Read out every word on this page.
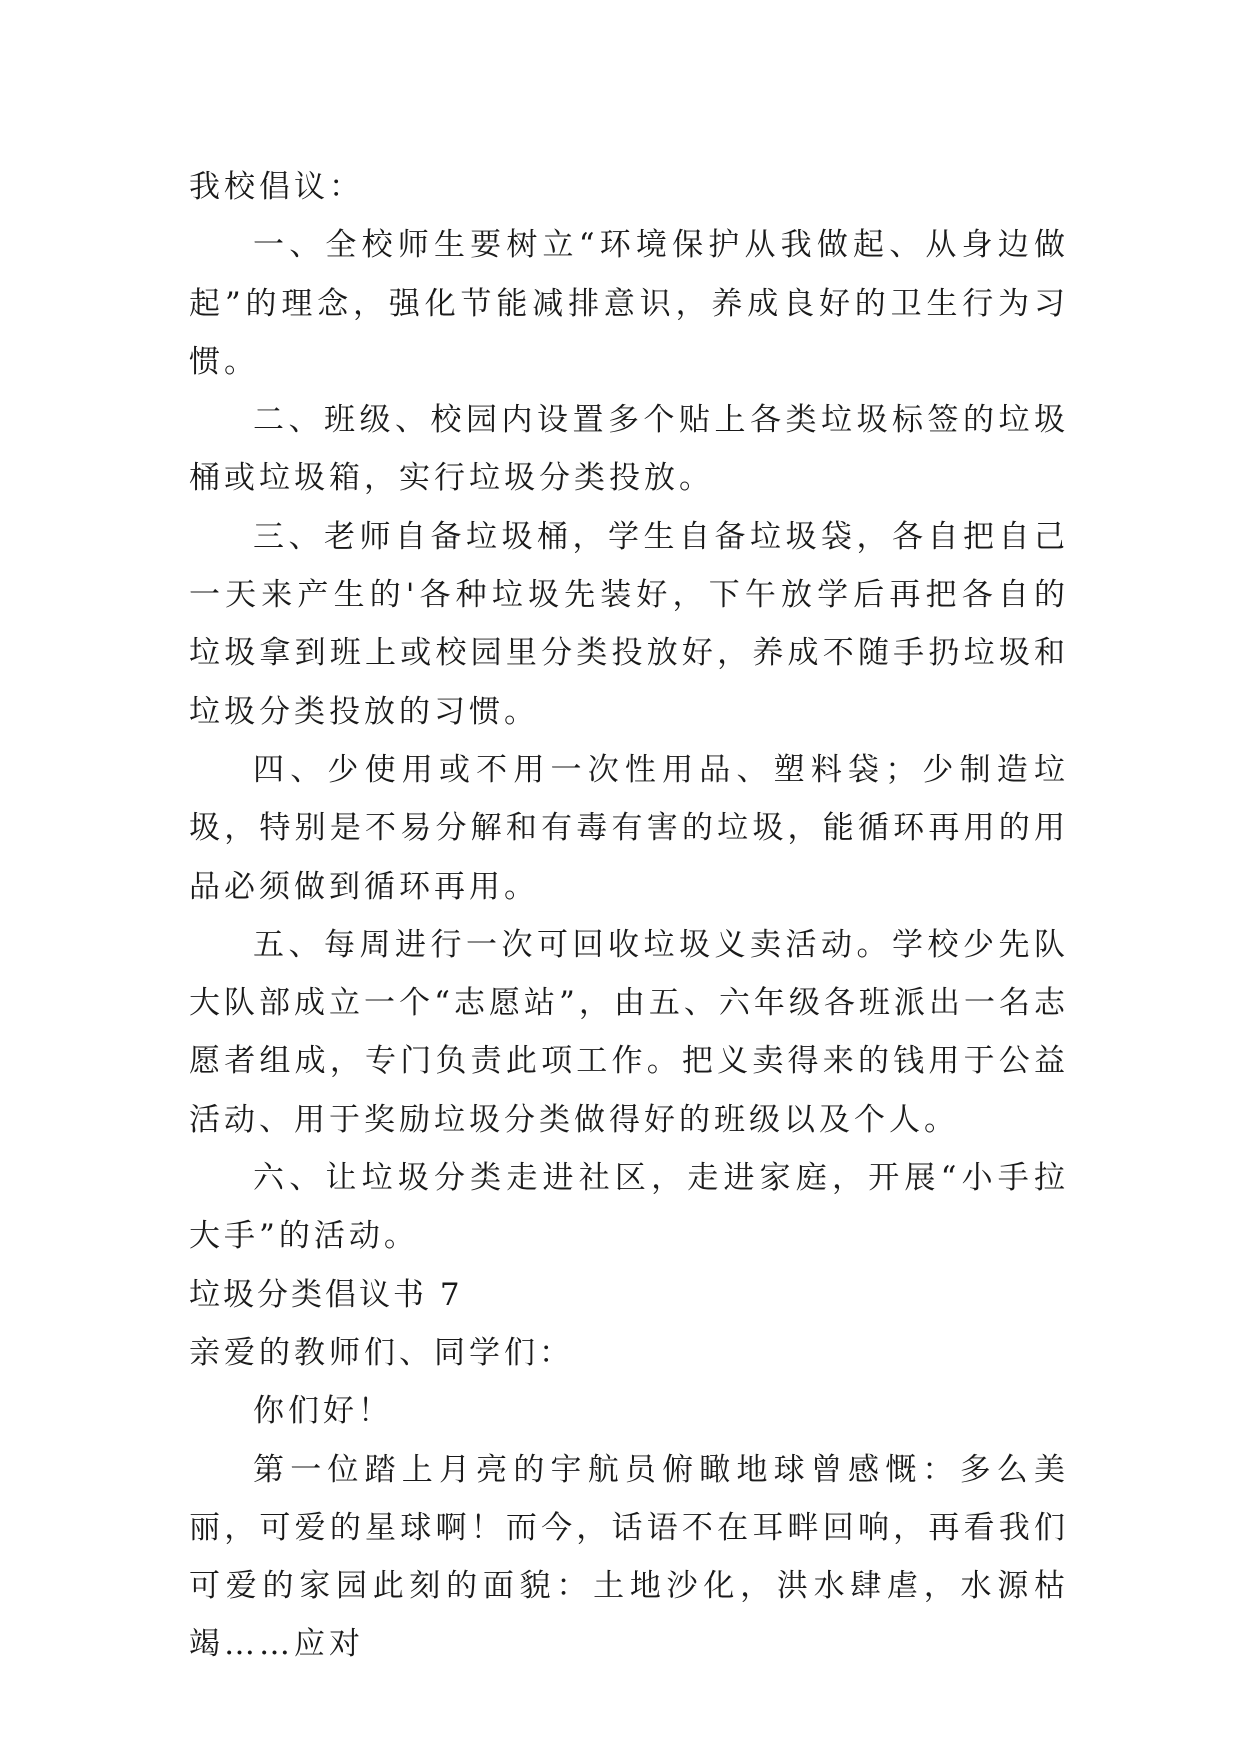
我校倡议：

一、全校师生要树立“环境保护从我做起、从身边做起”的理念，强化节能减排意识，养成良好的卫生行为习惯。

二、班级、校园内设置多个贴上各类垃圾标签的垃圾桶或垃圾箱，实行垃圾分类投放。

三、老师自备垃圾桶，学生自备垃圾袋，各自把自己一天来产生的'各种垃圾先装好，下午放学后再把各自的垃圾拿到班上或校园里分类投放好，养成不随手扔垃圾和垃圾分类投放的习惯。

四、少使用或不用一次性用品、塑料袋；少制造垃圾，特别是不易分解和有毒有害的垃圾，能循环再用的用品必须做到循环再用。

五、每周进行一次可回收垃圾义卖活动。学校少先队大队部成立一个“志愿站”，由五、六年级各班派出一名志愿者组成，专门负责此项工作。把义卖得来的钱用于公益活动、用于奖励垃圾分类做得好的班级以及个人。

六、让垃圾分类走进社区，走进家庭，开展“小手拉大手”的活动。

垃圾分类倡议书 7

亲爱的教师们、同学们：

你们好！

第一位踏上月亮的宇航员俯瞰地球曾感慨：多么美丽，可爱的星球啊！而今，话语不在耳畔回响，再看我们可爱的家园此刻的面貌：土地沙化，洪水肆虐，水源枯竭……应对
